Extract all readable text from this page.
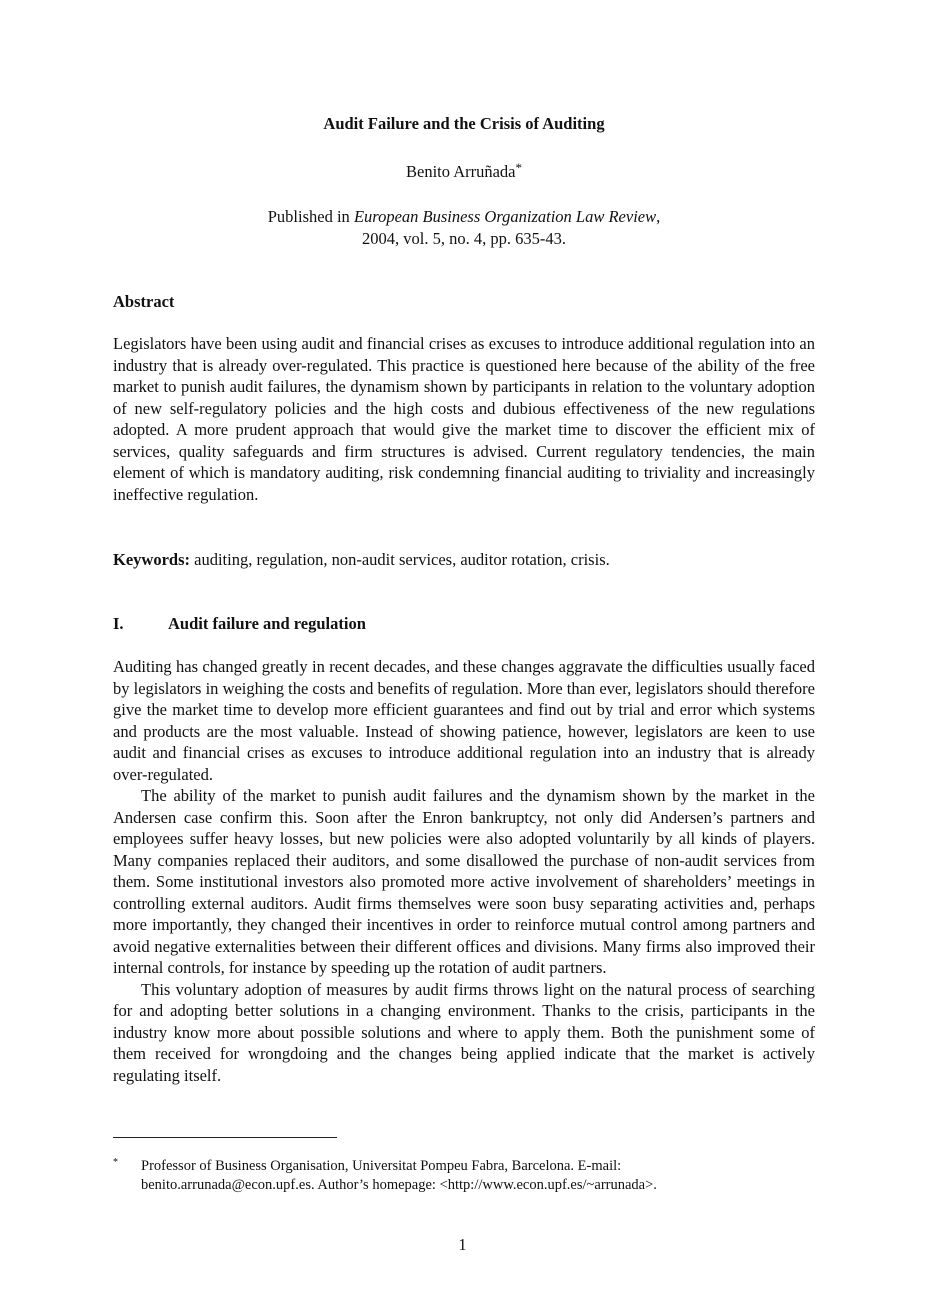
Audit Failure and the Crisis of Auditing
Benito Arruñada*
Published in European Business Organization Law Review,
2004, vol. 5, no. 4, pp. 635-43.
Abstract
Legislators have been using audit and financial crises as excuses to introduce additional regulation into an industry that is already over-regulated. This practice is questioned here because of the ability of the free market to punish audit failures, the dynamism shown by participants in relation to the voluntary adoption of new self-regulatory policies and the high costs and dubious effectiveness of the new regulations adopted. A more prudent approach that would give the market time to discover the efficient mix of services, quality safeguards and firm structures is advised. Current regulatory tendencies, the main element of which is mandatory auditing, risk condemning financial auditing to triviality and increasingly ineffective regulation.
Keywords: auditing, regulation, non-audit services, auditor rotation, crisis.
I.	Audit failure and regulation

Auditing has changed greatly in recent decades, and these changes aggravate the difficulties usually faced by legislators in weighing the costs and benefits of regulation. More than ever, legislators should therefore give the market time to develop more efficient guarantees and find out by trial and error which systems and products are the most valuable. Instead of showing patience, however, legislators are keen to use audit and financial crises as excuses to introduce additional regulation into an industry that is already over-regulated.

The ability of the market to punish audit failures and the dynamism shown by the market in the Andersen case confirm this. Soon after the Enron bankruptcy, not only did Andersen’s partners and employees suffer heavy losses, but new policies were also adopted voluntarily by all kinds of players. Many companies replaced their auditors, and some disallowed the purchase of non-audit services from them. Some institutional investors also promoted more active involvement of shareholders’ meetings in controlling external auditors. Audit firms themselves were soon busy separating activities and, perhaps more importantly, they changed their incentives in order to reinforce mutual control among partners and avoid negative externalities between their different offices and divisions. Many firms also improved their internal controls, for instance by speeding up the rotation of audit partners.

This voluntary adoption of measures by audit firms throws light on the natural process of searching for and adopting better solutions in a changing environment. Thanks to the crisis, participants in the industry know more about possible solutions and where to apply them. Both the punishment some of them received for wrongdoing and the changes being applied indicate that the market is actively regulating itself.

* Professor of Business Organisation, Universitat Pompeu Fabra, Barcelona. E-mail:
benito.arrunada@econ.upf.es. Author’s homepage: <http://www.econ.upf.es/~arrunada>.
1
